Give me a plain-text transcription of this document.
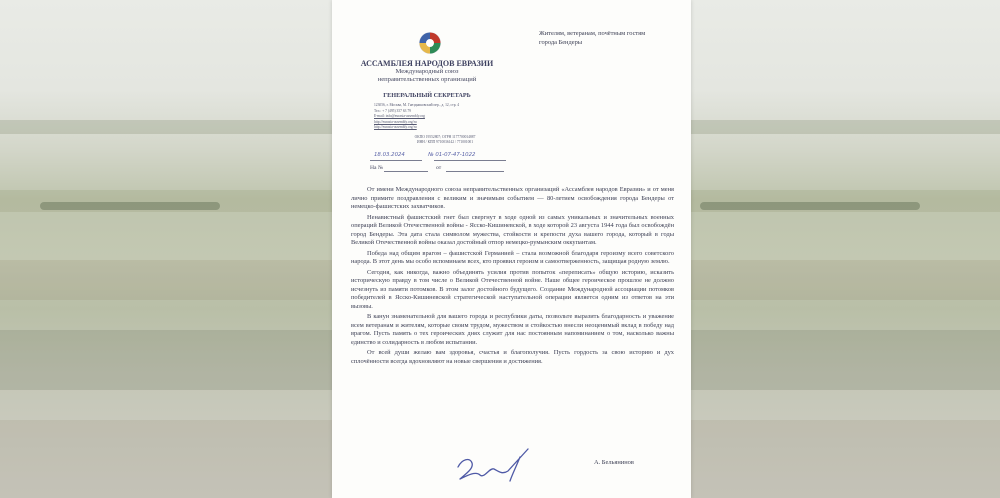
АССАМБЛЕЯ НАРОДОВ ЕВРАЗИИ
Международный союз
неправительственных организаций
ГЕНЕРАЛЬНЫЙ СЕКРЕТАРЬ
123056, г. Москва, М. Гнездниковский пер., д. 12, стр. 4
Тел.: + 7 (495) 357 63 79
E-mail: info@eurasia-assembly.org
http://eurasia-assembly.org/ru
http://eurasia-assembly.org/ru
ОКПО 19552807; ОГРН 1177700014887
ИНН / КПП 9710036142 / 771001001
18.03.2024	№ 01-07-47-1022
На №	от
Жителям, ветеранам, почётным гостям
города Бендеры

От имени Международного союза неправительственных организаций «Ассамблея народов Евразии» и от меня лично примите поздравления с великим и значимым событием — 80-летием освобождения города Бендеры от немецко-фашистских захватчиков.

Ненавистный фашистский гнет был свергнут в ходе одной из самых уникальных и значительных военных операций Великой Отечественной войны - Ясско-Кишиневской, в ходе которой 23 августа 1944 года был освобождён город Бендеры. Эта дата стала символом мужества, стойкости и крепости духа вашего города, который в годы Великой Отечественной войны оказал достойный отпор немецко-румынским оккупантам.

Победа над общим врагом – фашистской Германией – стала возможной благодаря героизму всего советского народа. В этот день мы особо вспоминаем всех, кто проявил героизм и самоотверженность, защищая родную землю.

Сегодня, как никогда, важно объединять усилия против попыток «переписать» общую историю, исказить историческую правду в том числе о Великой Отечественной войне. Наше общее героическое прошлое не должно исчезнуть из памяти потомков. В этом залог достойного будущего. Создание Международной ассоциации потомков победителей в Ясско-Кишиневской стратегической наступательной операции является одним из ответов на эти вызовы.

В канун знаменательной для вашего города и республики даты, позвольте выразить благодарность и уважение всем ветеранам и жителям, которые своим трудом, мужеством и стойкостью внесли неоценимый вклад в победу над врагом. Пусть память о тех героических днях служит для нас постоянным напоминанием о том, насколько важны единство и солидарность в любом испытании.

От всей души желаю вам здоровья, счастья и благополучия. Пусть гордость за свою историю и дух сплочённости всегда вдохновляют на новые свершения и достижения.

А. Бельянинов
